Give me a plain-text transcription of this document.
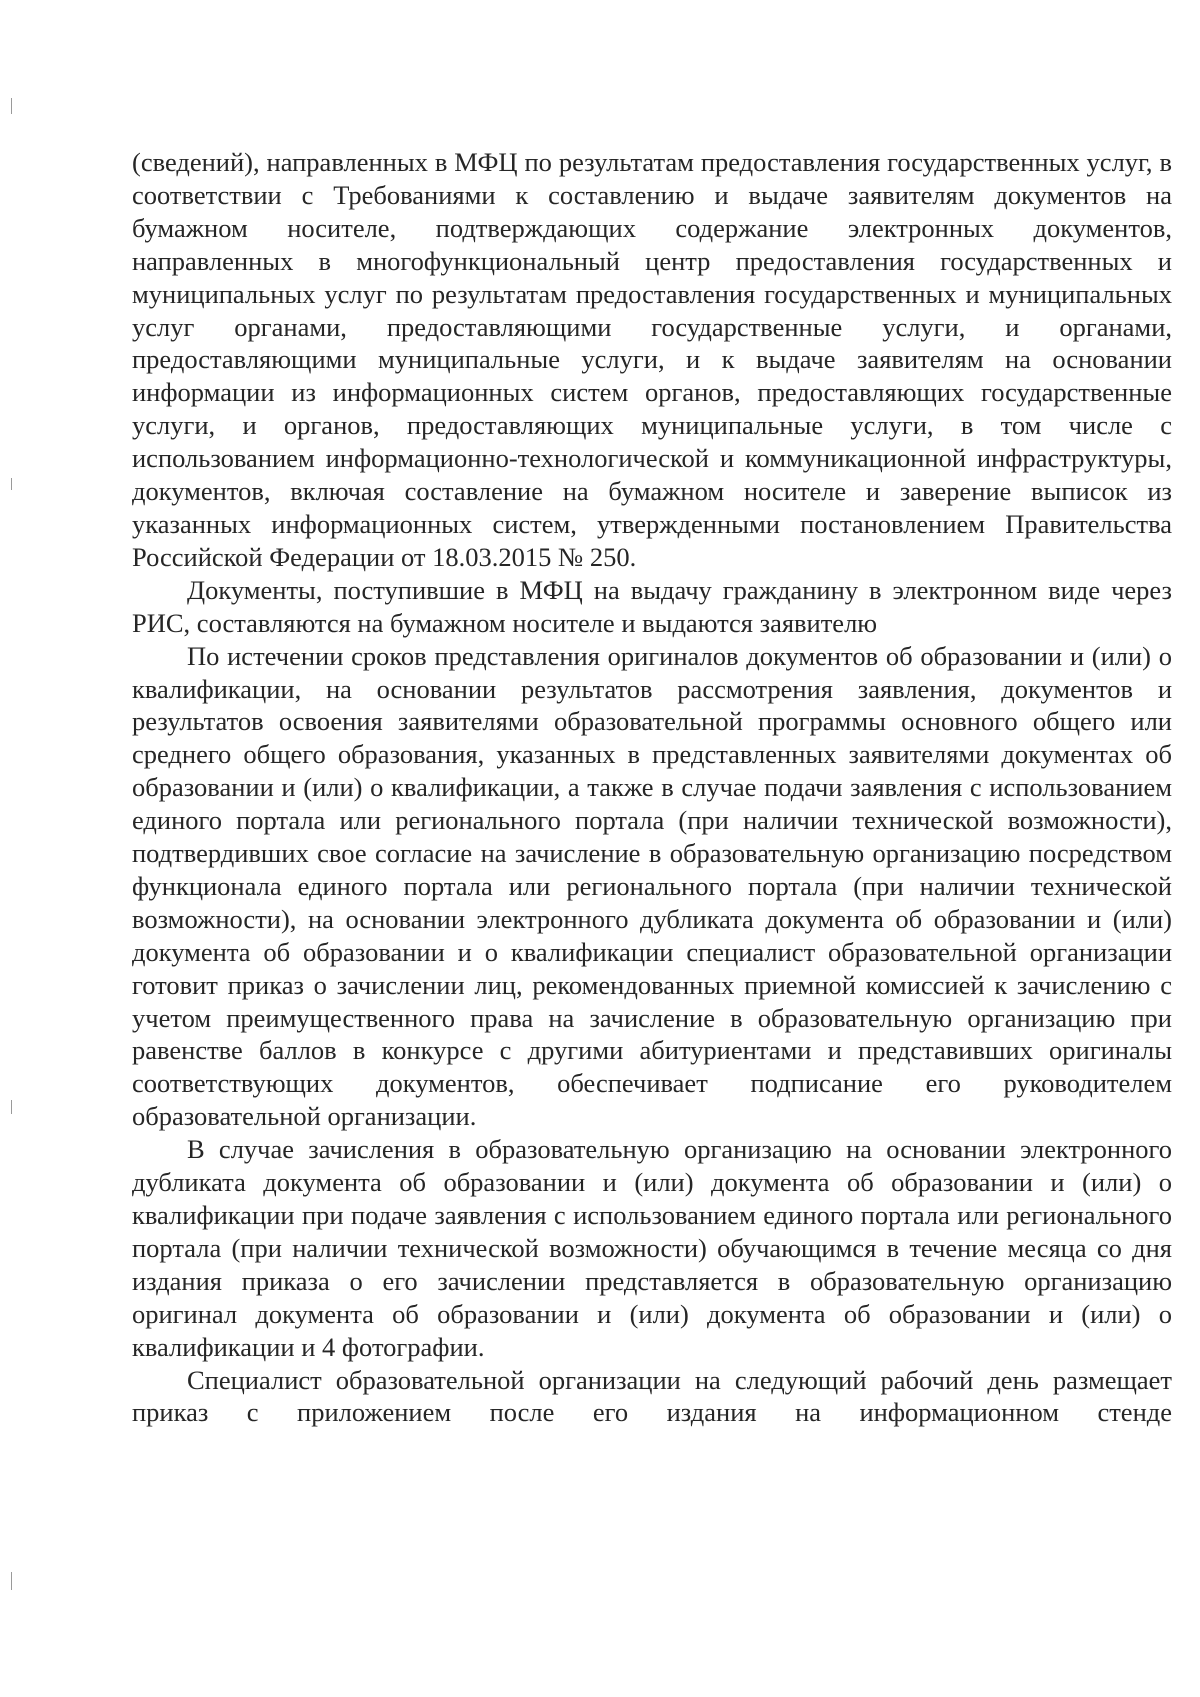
(сведений), направленных в МФЦ по результатам предоставления государственных услуг, в соответствии с Требованиями к составлению и выдаче заявителям документов на бумажном носителе, подтверждающих содержание электронных документов, направленных в многофункциональный центр предоставления государственных и муниципальных услуг по результатам предоставления государственных и муниципальных услуг органами, предоставляющими государственные услуги, и органами, предоставляющими муниципальные услуги, и к выдаче заявителям на основании информации из информационных систем органов, предоставляющих государственные услуги, и органов, предоставляющих муниципальные услуги, в том числе с использованием информационно-технологической и коммуникационной инфраструктуры, документов, включая составление на бумажном носителе и заверение выписок из указанных информационных систем, утвержденными постановлением Правительства Российской Федерации от 18.03.2015 № 250.

Документы, поступившие в МФЦ на выдачу гражданину в электронном виде через РИС, составляются на бумажном носителе и выдаются заявителю

По истечении сроков представления оригиналов документов об образовании и (или) о квалификации, на основании результатов рассмотрения заявления, документов и результатов освоения заявителями образовательной программы основного общего или среднего общего образования, указанных в представленных заявителями документах об образовании и (или) о квалификации, а также в случае подачи заявления с использованием единого портала или регионального портала (при наличии технической возможности), подтвердивших свое согласие на зачисление в образовательную организацию посредством функционала единого портала или регионального портала (при наличии технической возможности), на основании электронного дубликата документа об образовании и (или) документа об образовании и о квалификации специалист образовательной организации готовит приказ о зачислении лиц, рекомендованных приемной комиссией к зачислению с учетом преимущественного права на зачисление в образовательную организацию при равенстве баллов в конкурсе с другими абитуриентами и представивших оригиналы соответствующих документов, обеспечивает подписание его руководителем образовательной организации.

В случае зачисления в образовательную организацию на основании электронного дубликата документа об образовании и (или) документа об образовании и (или) о квалификации при подаче заявления с использованием единого портала или регионального портала (при наличии технической возможности) обучающимся в течение месяца со дня издания приказа о его зачислении представляется в образовательную организацию оригинал документа об образовании и (или) документа об образовании и (или) о квалификации и 4 фотографии.

Специалист образовательной организации на следующий рабочий день размещает приказ с приложением после его издания на информационном стенде
